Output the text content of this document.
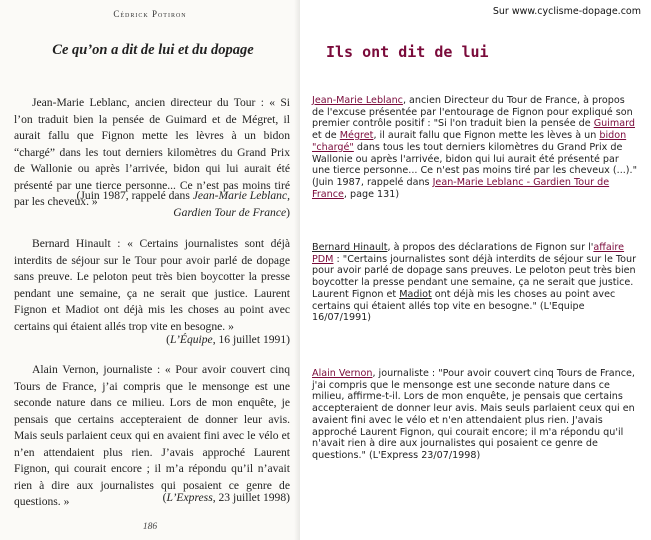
Cédrick Potiron
Ce qu’on a dit de lui et du dopage
Jean-Marie Leblanc, ancien directeur du Tour : « Si l’on traduit bien la pensée de Guimard et de Mégret, il aurait fallu que Fignon mette les lèvres à un bidon “chargé” dans les tout derniers kilomètres du Grand Prix de Wallonie ou après l’arrivée, bidon qui lui aurait été présenté par une tierce personne... Ce n’est pas moins tiré par les cheveux. »
(Juin 1987, rappelé dans Jean-Marie Leblanc,
Gardien Tour de France)
Bernard Hinault : « Certains journalistes sont déjà interdits de séjour sur le Tour pour avoir parlé de dopage sans preuve. Le peloton peut très bien boycotter la presse pendant une semaine, ça ne serait que justice. Laurent Fignon et Madiot ont déjà mis les choses au point avec certains qui étaient allés trop vite en besogne. »
(L’Équipe, 16 juillet 1991)
Alain Vernon, journaliste : « Pour avoir couvert cinq Tours de France, j’ai compris que le mensonge est une seconde nature dans ce milieu. Lors de mon enquête, je pensais que certains accepteraient de donner leur avis. Mais seuls parlaient ceux qui en avaient fini avec le vélo et n’en attendaient plus rien. J’avais approché Laurent Fignon, qui courait encore ; il m’a répondu qu’il n’avait rien à dire aux journalistes qui posaient ce genre de questions. »	(L’Express, 23 juillet 1998)
186
Sur www.cyclisme-dopage.com
Ils ont dit de lui
Jean-Marie Leblanc, ancien Directeur du Tour de France, à propos de l'excuse présentée par l'entourage de Fignon pour expliqué son premier contrôle positif : "Si l'on traduit bien la pensée de Guimard et de Mégret, il aurait fallu que Fignon mette les lèves à un bidon "chargé" dans tous les tout derniers kilomètres du Grand Prix de Wallonie ou après l'arrivée, bidon qui lui aurait été présenté par une tierce personne... Ce n'est pas moins tiré par les cheveux (...)." (Juin 1987, rappelé dans Jean-Marie Leblanc - Gardien Tour de France, page 131)
Bernard Hinault, à propos des déclarations de Fignon sur l'affaire PDM : "Certains journalistes sont déjà interdits de séjour sur le Tour pour avoir parlé de dopage sans preuves. Le peloton peut très bien boycotter la presse pendant une semaine, ça ne serait que justice. Laurent Fignon et Madiot ont déjà mis les choses au point avec certains qui étaient allés top vite en besogne." (L'Equipe 16/07/1991)
Alain Vernon, journaliste : "Pour avoir couvert cinq Tours de France, j'ai compris que le mensonge est une seconde nature dans ce milieu, affirme-t-il. Lors de mon enquête, je pensais que certains accepteraient de donner leur avis. Mais seuls parlaient ceux qui en avaient fini avec le vélo et n'en attendaient plus rien. J'avais approché Laurent Fignon, qui courait encore; il m'a répondu qu'il n'avait rien à dire aux journalistes qui posaient ce genre de questions." (L'Express 23/07/1998)
